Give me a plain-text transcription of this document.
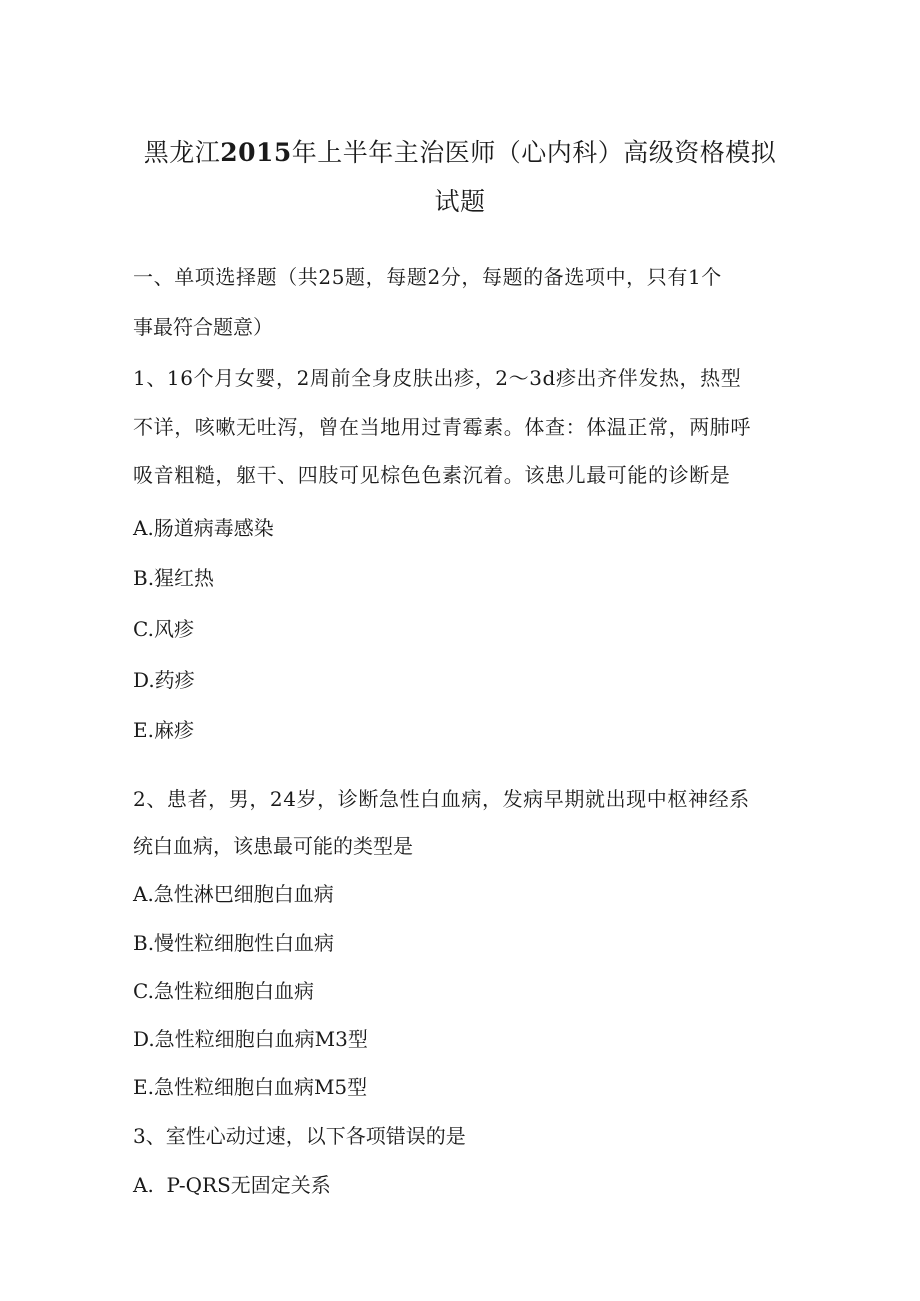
黑龙江2015年上半年主治医师（心内科）高级资格模拟
试题
一、单项选择题（共25题，每题2分，每题的备选项中，只有1个
事最符合题意）
1、16个月女婴，2周前全身皮肤出疹，2～3d疹出齐伴发热，热型
不详，咳嗽无吐泻，曾在当地用过青霉素。体查：体温正常，两肺呼
吸音粗糙，躯干、四肢可见棕色色素沉着。该患儿最可能的诊断是
A.肠道病毒感染
B.猩红热
C.风疹
D.药疹
E.麻疹
2、患者，男，24岁，诊断急性白血病，发病早期就出现中枢神经系
统白血病，该患最可能的类型是
A.急性淋巴细胞白血病
B.慢性粒细胞性白血病
C.急性粒细胞白血病
D.急性粒细胞白血病M3型
E.急性粒细胞白血病M5型
3、室性心动过速，以下各项错误的是
A.  P-QRS无固定关系
